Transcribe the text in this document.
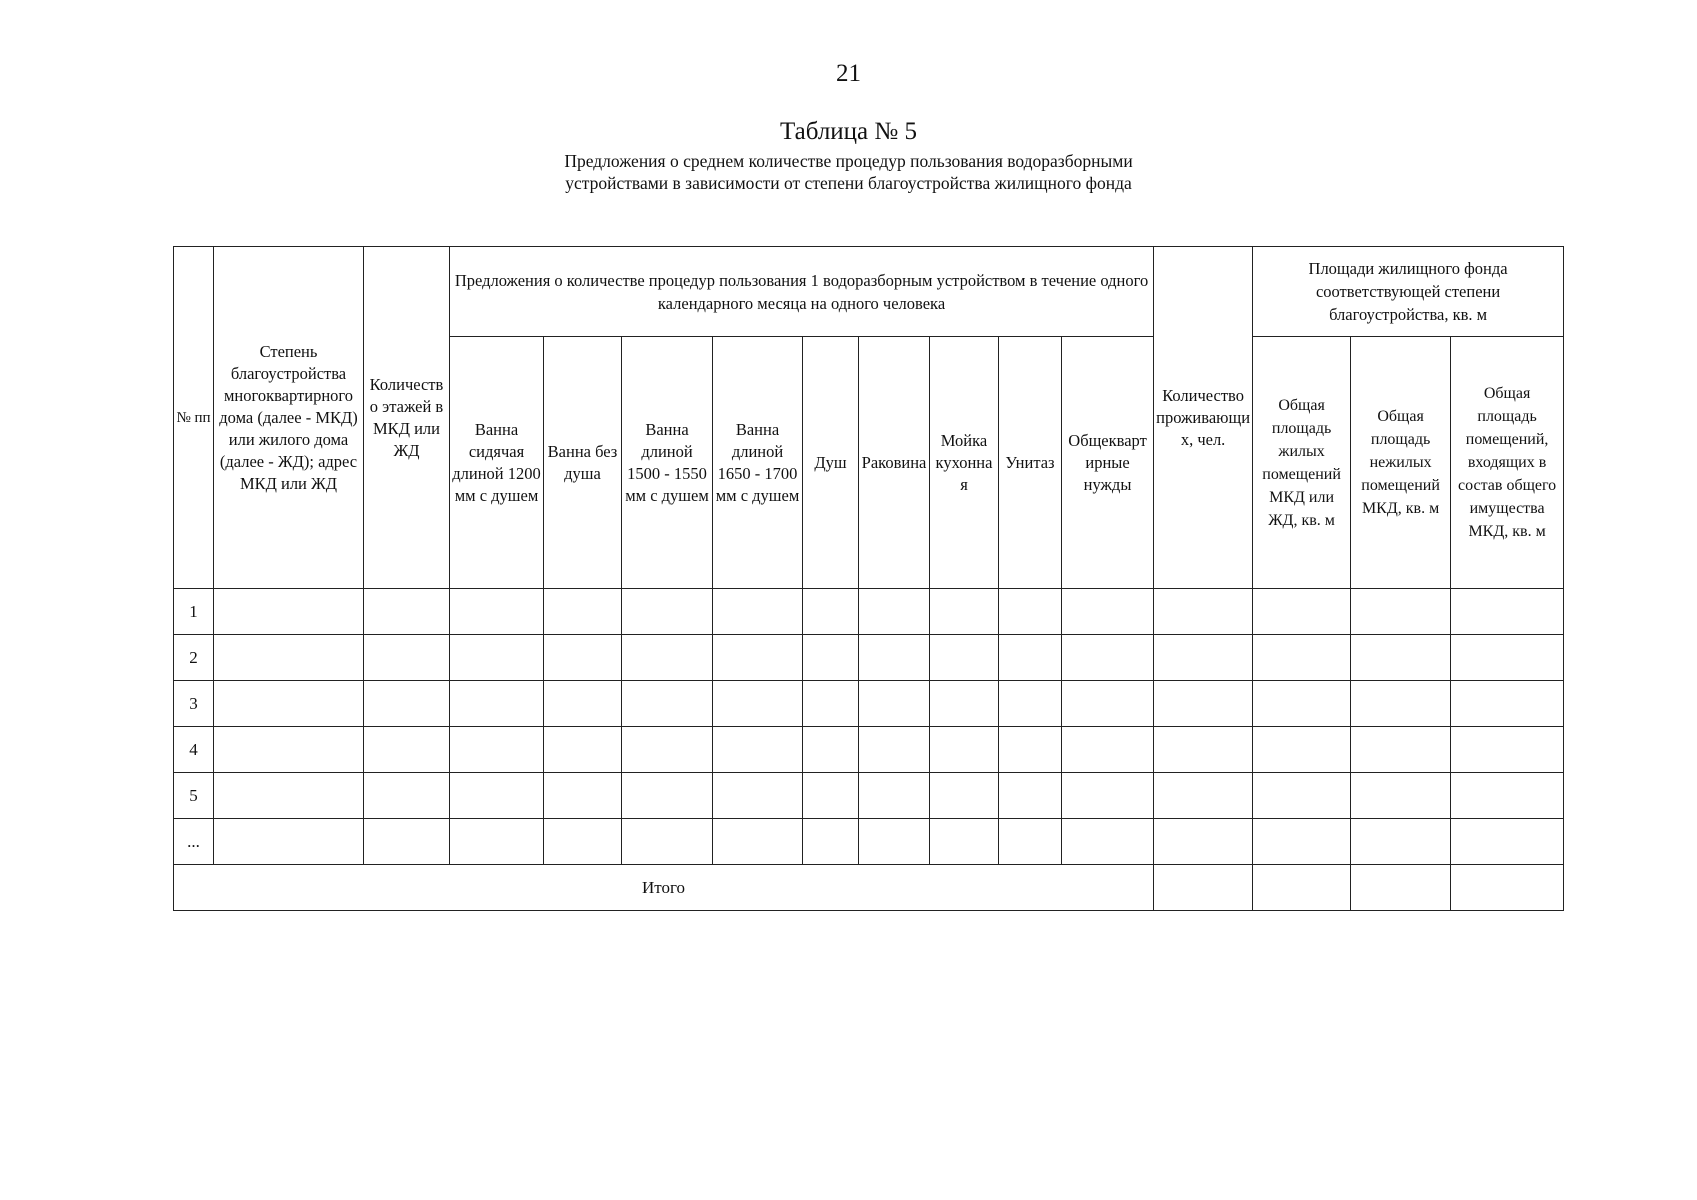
21
Таблица № 5
Предложения о среднем количестве процедур пользования водоразборными
устройствами в зависимости от степени благоустройства жилищного фонда
№ пп	Степень благоустройства многоквартирного дома (далее - МКД) или жилого дома (далее - ЖД); адрес МКД или ЖД	Количество этажей в МКД или ЖД	Предложения о количестве процедур пользования 1 водоразборным устройством в течение одного календарного месяца на одного человека									Количество проживающих, чел.	Площади жилищного фонда соответствующей степени благоустройства, кв. м		
			Ванна сидячая длиной 1200 мм с душем	Ванна без душа	Ванна длиной 1500 - 1550 мм с душем	Ванна длиной 1650 - 1700 мм с душем	Душ	Раковина	Мойка кухонная	Унитаз	Общеквартирные нужды		Общая площадь жилых помещений МКД или ЖД, кв. м	Общая площадь нежилых помещений МКД, кв. м	Общая площадь помещений, входящих в состав общего имущества МКД, кв. м
1															
2															
3															
4															
5															
...															
Итого															
